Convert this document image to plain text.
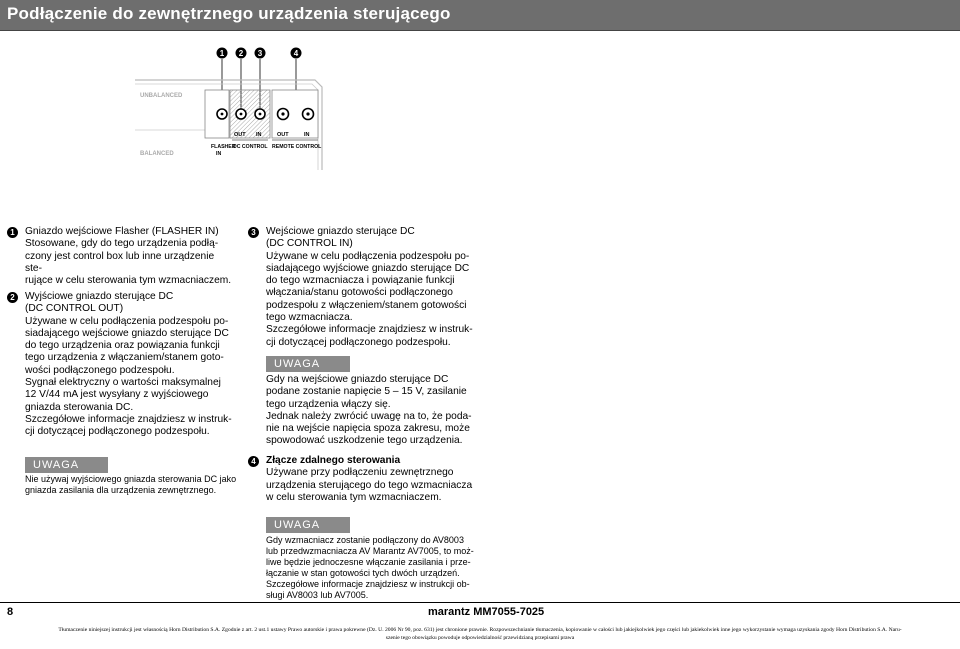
Podłączenie do zewnętrznego urządzenia sterującego
1 2 3	4
UNBALANCED
BALANCED
OUT IN	OUT	IN
FLASHER
IN
DC CONTROL REMOTE CONTROL
1	Gniazdo wejściowe Flasher (FLASHER IN)
Stosowane, gdy do tego urządzenia podłą-
czony jest control box lub inne urządzenie ste-
rujące w celu sterowania tym wzmacniaczem.
2	Wyjściowe gniazdo sterujące DC
(DC CONTROL OUT)
Używane w celu podłączenia podzespołu po-
siadającego wejściowe gniazdo sterujące DC
do tego urządzenia oraz powiązania funkcji
tego urządzenia z włączaniem/stanem goto-
wości podłączonego podzespołu.
Sygnał elektryczny o wartości maksymalnej
12 V/44 mA jest wysyłany z wyjściowego
gniazda sterowania DC.
Szczegółowe informacje znajdziesz w instruk-
cji dotyczącej podłączonego podzespołu.
UWAGA
Nie używaj wyjściowego gniazda sterowania DC jako
gniazda zasilania dla urządzenia zewnętrznego.
3	Wejściowe gniazdo sterujące DC
(DC CONTROL IN)
Używane w celu podłączenia podzespołu po-
siadającego wyjściowe gniazdo sterujące DC
do tego wzmacniacza i powiązanie funkcji
włączania/stanu gotowości podłączonego
podzespołu z włączeniem/stanem gotowości
tego wzmacniacza.
Szczegółowe informacje znajdziesz w instruk-
cji dotyczącej podłączonego podzespołu.
UWAGA
Gdy na wejściowe gniazdo sterujące DC
podane zostanie napięcie 5 – 15 V, zasilanie
tego urządzenia włączy się.
Jednak należy zwrócić uwagę na to, że poda-
nie na wejście napięcia spoza zakresu, może
spowodować uszkodzenie tego urządzenia.
4	Złącze zdalnego sterowania
Używane przy podłączeniu zewnętrznego
urządzenia sterującego do tego wzmacniacza
w celu sterowania tym wzmacniaczem.
UWAGA
Gdy wzmacniacz zostanie podłączony do AV8003
lub przedwzmacniacza AV Marantz AV7005, to moż-
liwe będzie jednoczesne włączanie zasilania i prze-
łączanie w stan gotowości tych dwóch urządzeń.
Szczegółowe informacje znajdziesz w instrukcji ob-
sługi AV8003 lub AV7005.
8	marantz MM7055-7025
Tłumaczenie niniejszej instrukcji jest własnością Horn Distribution S.A. Zgodnie z art. 2 ust.1 ustawy Prawo autorskie i prawa pokrewne (Dz. U. 2006 Nr 90, poz. 631) jest chronione prawnie. Rozpowszechnianie tłumaczenia, kopiowanie w całości lub jakiejkolwiek jego części lub jakiekolwiek inne jego wykorzystanie wymaga uzyskania zgody Horn Distribution S.A. Naru-
szenie tego obowiązku powoduje odpowiedzialność przewidzianą przepisami prawa
